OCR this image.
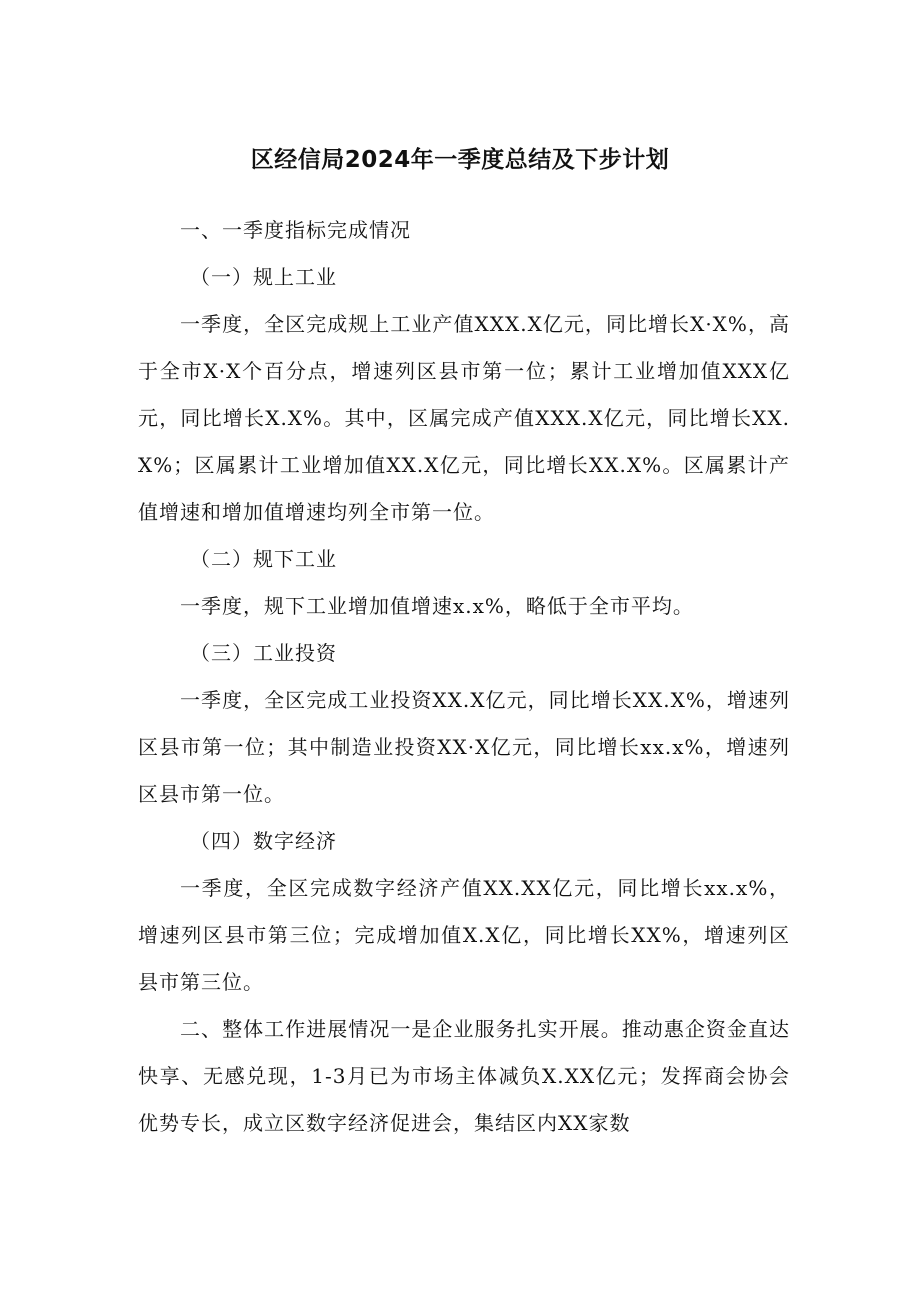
区经信局2024年一季度总结及下步计划

一、一季度指标完成情况

（一）规上工业

一季度，全区完成规上工业产值XXX.X亿元，同比增长X·X%，高于全市X·X个百分点，增速列区县市第一位；累计工业增加值XXX亿元，同比增长X.X%。其中，区属完成产值XXX.X亿元，同比增长XX.X%；区属累计工业增加值XX.X亿元，同比增长XX.X%。区属累计产值增速和增加值增速均列全市第一位。

（二）规下工业

一季度，规下工业增加值增速x.x%，略低于全市平均。

（三）工业投资

一季度，全区完成工业投资XX.X亿元，同比增长XX.X%，增速列区县市第一位；其中制造业投资XX·X亿元，同比增长xx.x%，增速列区县市第一位。

（四）数字经济

一季度，全区完成数字经济产值XX.XX亿元，同比增长xx.x%，增速列区县市第三位；完成增加值X.X亿，同比增长XX%，增速列区县市第三位。

二、整体工作进展情况一是企业服务扎实开展。推动惠企资金直达快享、无感兑现，1-3月已为市场主体减负X.XX亿元；发挥商会协会优势专长，成立区数字经济促进会，集结区内XX家数
